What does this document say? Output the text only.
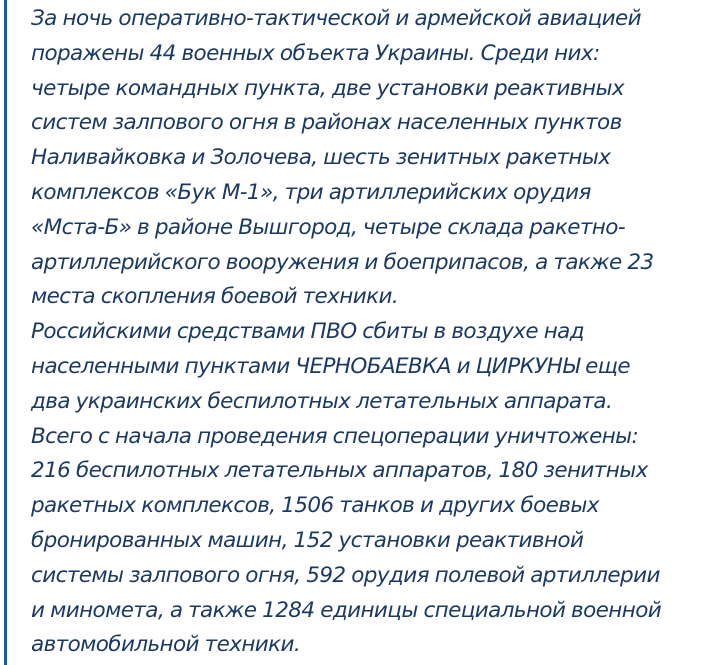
За ночь оперативно-тактической и армейской авиацией
поражены 44 военных объекта Украины. Среди них:
четыре командных пункта, две установки реактивных
систем залпового огня в районах населенных пунктов
Наливайковка и Золочева, шесть зенитных ракетных
комплексов «Бук М-1», три артиллерийских орудия
«Мста-Б» в районе Вышгород, четыре склада ракетно-
артиллерийского вооружения и боеприпасов, а также 23
места скопления боевой техники.
Российскими средствами ПВО сбиты в воздухе над
населенными пунктами ЧЕРНОБАЕВКА и ЦИРКУНЫ еще
два украинских беспилотных летательных аппарата.
Всего с начала проведения спецоперации уничтожены:
216 беспилотных летательных аппаратов, 180 зенитных
ракетных комплексов, 1506 танков и других боевых
бронированных машин, 152 установки реактивной
системы залпового огня, 592 орудия полевой артиллерии
и миномета, а также 1284 единицы специальной военной
автомобильной техники.
